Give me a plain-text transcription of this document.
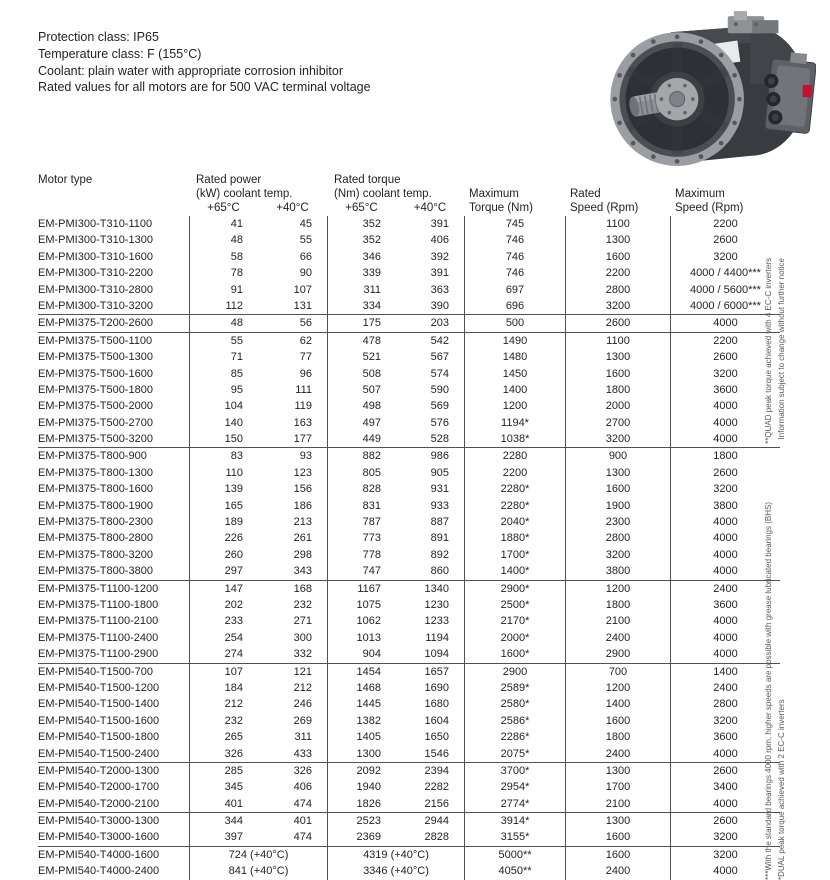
Protection class: IP65
Temperature class: F (155°C)
Coolant: plain water with appropriate corrosion inhibitor
Rated values for all motors are for 500 VAC terminal voltage
Motor type	Rated power	Rated torque
(kW) coolant temp.	(Nm) coolant temp.	Maximum	Rated	Maximum
+65°C	+40°C	+65°C	+40°C	Torque (Nm)	Speed (Rpm)	Speed (Rpm)
EM-PMI300-T310-1100	41	45	352	391	745	1100	2200
EM-PMI300-T310-1300	48	55	352	406	746	1300	2600
EM-PMI300-T310-1600	58	66	346	392	746	1600	3200
EM-PMI300-T310-2200	78	90	339	391	746	2200	4000 / 4400***
EM-PMI300-T310-2800	91	107	311	363	697	2800	4000 / 5600***
EM-PMI300-T310-3200	112	131	334	390	696	3200	4000 / 6000***
EM-PMI375-T200-2600	48	56	175	203	500	2600	4000
EM-PMI375-T500-1100	55	62	478	542	1490	1100	2200
EM-PMI375-T500-1300	71	77	521	567	1480	1300	2600
EM-PMI375-T500-1600	85	96	508	574	1450	1600	3200
EM-PMI375-T500-1800	95	111	507	590	1400	1800	3600
EM-PMI375-T500-2000	104	119	498	569	1200	2000	4000
EM-PMI375-T500-2700	140	163	497	576	1194*	2700	4000
EM-PMI375-T500-3200	150	177	449	528	1038*	3200	4000
EM-PMI375-T800-900	83	93	882	986	2280	900	1800
EM-PMI375-T800-1300	110	123	805	905	2200	1300	2600
EM-PMI375-T800-1600	139	156	828	931	2280*	1600	3200
EM-PMI375-T800-1900	165	186	831	933	2280*	1900	3800
EM-PMI375-T800-2300	189	213	787	887	2040*	2300	4000
EM-PMI375-T800-2800	226	261	773	891	1880*	2800	4000
EM-PMI375-T800-3200	260	298	778	892	1700*	3200	4000
EM-PMI375-T800-3800	297	343	747	860	1400*	3800	4000
EM-PMI375-T1100-1200	147	168	1167	1340	2900*	1200	2400
EM-PMI375-T1100-1800	202	232	1075	1230	2500*	1800	3600
EM-PMI375-T1100-2100	233	271	1062	1233	2170*	2100	4000
EM-PMI375-T1100-2400	254	300	1013	1194	2000*	2400	4000
EM-PMI375-T1100-2900	274	332	904	1094	1600*	2900	4000
EM-PMI540-T1500-700	107	121	1454	1657	2900	700	1400
EM-PMI540-T1500-1200	184	212	1468	1690	2589*	1200	2400
EM-PMI540-T1500-1400	212	246	1445	1680	2580*	1400	2800
EM-PMI540-T1500-1600	232	269	1382	1604	2586*	1600	3200
EM-PMI540-T1500-1800	265	311	1405	1650	2286*	1800	3600
EM-PMI540-T1500-2400	326	433	1300	1546	2075*	2400	4000
EM-PMI540-T2000-1300	285	326	2092	2394	3700*	1300	2600
EM-PMI540-T2000-1700	345	406	1940	2282	2954*	1700	3400
EM-PMI540-T2000-2100	401	474	1826	2156	2774*	2100	4000
EM-PMI540-T3000-1300	344	401	2523	2944	3914*	1300	2600
EM-PMI540-T3000-1600	397	474	2369	2828	3155*	1600	3200
EM-PMI540-T4000-1600	724 (+40°C)	4319 (+40°C)	5000**	1600	3200
EM-PMI540-T4000-2400	841 (+40°C)	3346 (+40°C)	4050**	2400	4000	***With the standard bearings 4000 rpm, higher speeds are possible with grease lubricated bearings (BHS)
**QUAD peak torque achieved with 4 EC-C inverters
*DUAL peak torque achieved with 2 EC-C inverters
Information subject to change without further notice
